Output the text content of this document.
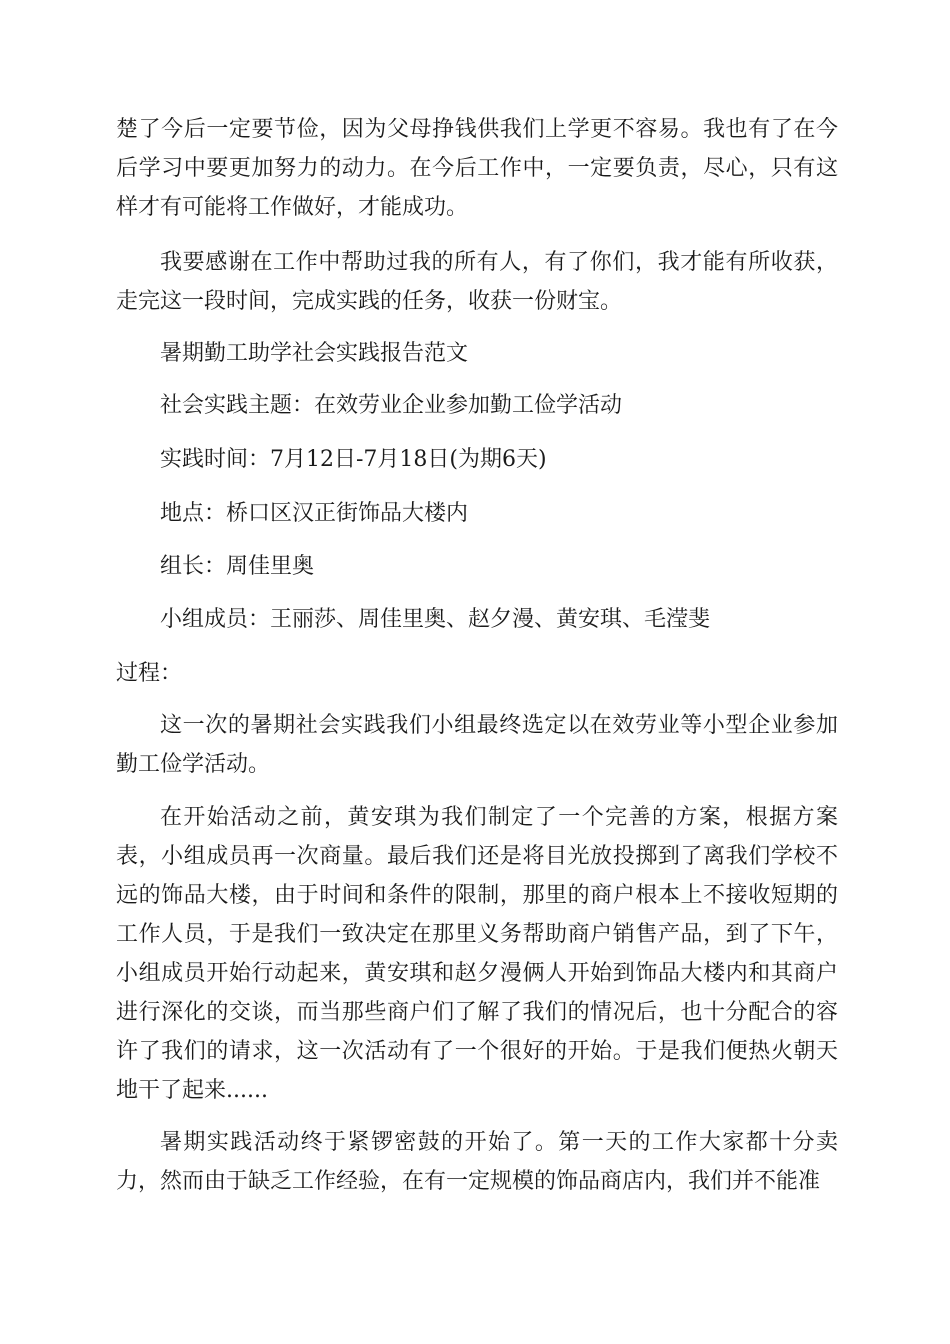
楚了今后一定要节俭，因为父母挣钱供我们上学更不容易。我也有了在今后学习中要更加努力的动力。在今后工作中，一定要负责，尽心，只有这样才有可能将工作做好，才能成功。

我要感谢在工作中帮助过我的所有人，有了你们，我才能有所收获，走完这一段时间，完成实践的任务，收获一份财宝。

暑期勤工助学社会实践报告范文

社会实践主题：在效劳业企业参加勤工俭学活动

实践时间：7月12日-7月18日(为期6天)

地点：桥口区汉正街饰品大楼内

组长：周佳里奥

小组成员：王丽莎、周佳里奥、赵夕漫、黄安琪、毛滢斐

过程：

这一次的暑期社会实践我们小组最终选定以在效劳业等小型企业参加勤工俭学活动。

在开始活动之前，黄安琪为我们制定了一个完善的方案，根据方案表，小组成员再一次商量。最后我们还是将目光放投掷到了离我们学校不远的饰品大楼，由于时间和条件的限制，那里的商户根本上不接收短期的工作人员，于是我们一致决定在那里义务帮助商户销售产品，到了下午，小组成员开始行动起来，黄安琪和赵夕漫俩人开始到饰品大楼内和其商户进行深化的交谈，而当那些商户们了解了我们的情况后，也十分配合的容许了我们的请求，这一次活动有了一个很好的开始。于是我们便热火朝天地干了起来......

暑期实践活动终于紧锣密鼓的开始了。第一天的工作大家都十分卖力，然而由于缺乏工作经验，在有一定规模的饰品商店内，我们并不能准
